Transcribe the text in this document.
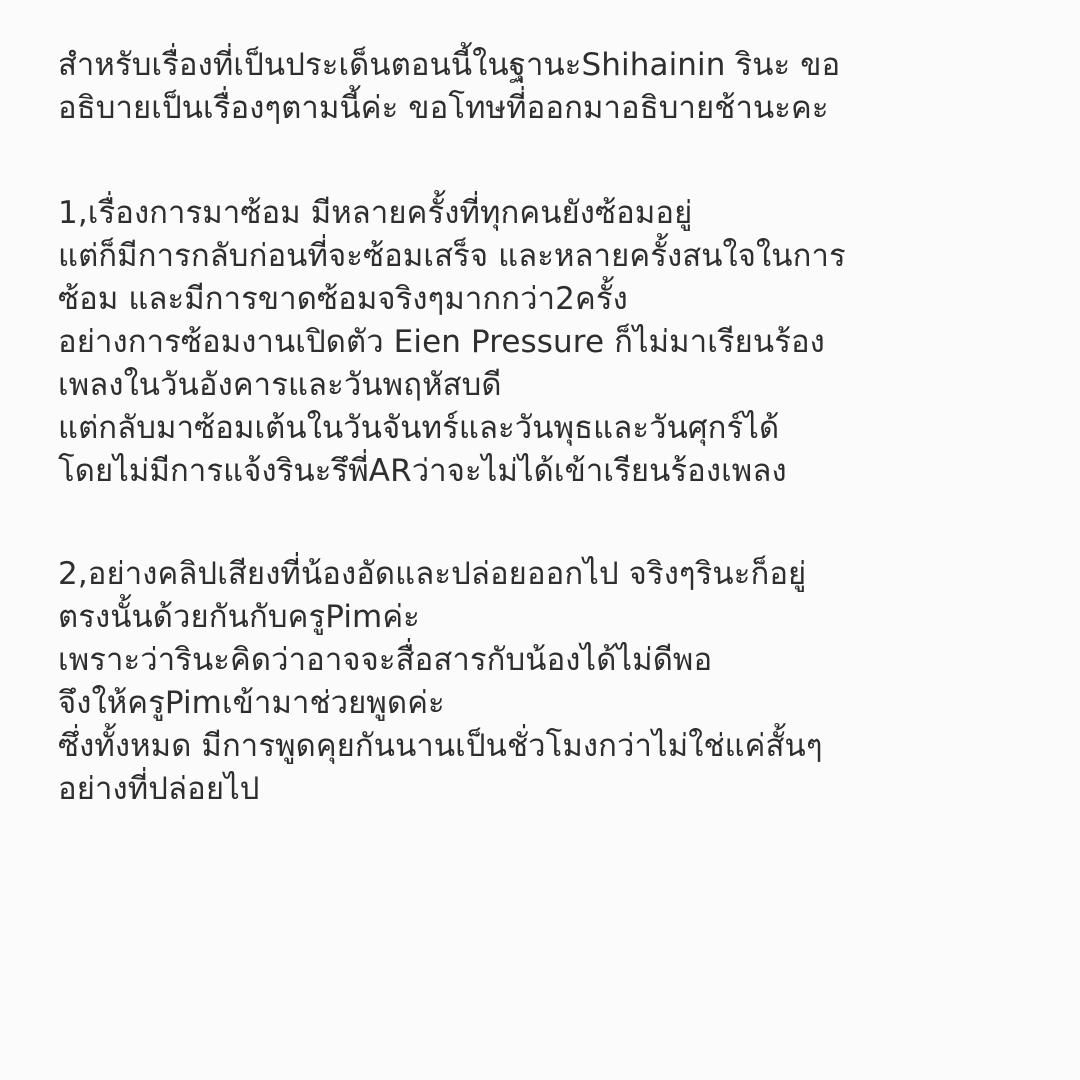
สำหรับเรื่องที่เป็นประเด็นตอนนี้ในฐานะShihainin รินะ ขอ
อธิบายเป็นเรื่องๆตามนี้ค่ะ ขอโทษที่ออกมาอธิบายช้านะคะ
1,เรื่องการมาซ้อม มีหลายครั้งที่ทุกคนยังซ้อมอยู่
แต่ก็มีการกลับก่อนที่จะซ้อมเสร็จ และหลายครั้งสนใจในการ
ซ้อม และมีการขาดซ้อมจริงๆมากกว่า2ครั้ง
อย่างการซ้อมงานเปิดตัว Eien Pressure ก็ไม่มาเรียนร้อง
เพลงในวันอังคารและวันพฤหัสบดี
แต่กลับมาซ้อมเต้นในวันจันทร์และวันพุธและวันศุกร์ได้
โดยไม่มีการแจ้งรินะรึพี่ARว่าจะไม่ได้เข้าเรียนร้องเพลง
2,อย่างคลิปเสียงที่น้องอัดและปล่อยออกไป จริงๆรินะก็อยู่
ตรงนั้นด้วยกันกับครูPimค่ะ
เพราะว่ารินะคิดว่าอาจจะสื่อสารกับน้องได้ไม่ดีพอ
จึงให้ครูPimเข้ามาช่วยพูดค่ะ
ซึ่งทั้งหมด มีการพูดคุยกันนานเป็นชั่วโมงกว่าไม่ใช่แค่สั้นๆ
อย่างที่ปล่อยไป
